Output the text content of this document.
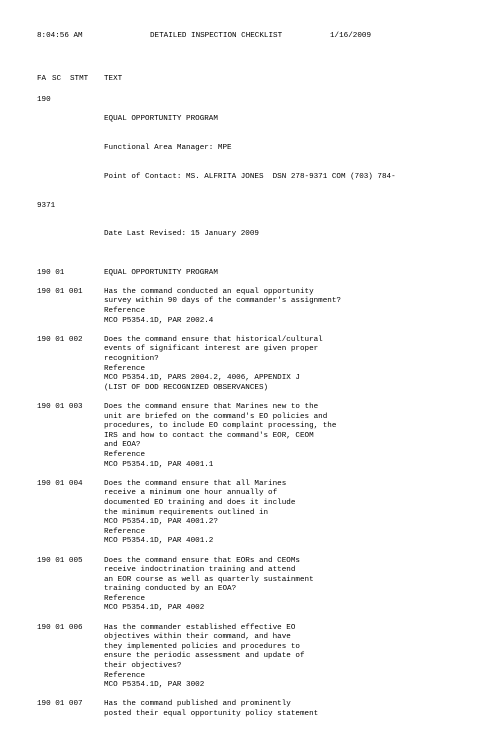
8:04:56 AM	DETAILED INSPECTION CHECKLIST	1/16/2009
FA SC STMT TEXT
190

EQUAL OPPORTUNITY PROGRAM

Functional Area Manager: MPE

Point of Contact: MS. ALFRITA JONES  DSN 278-9371 COM (703) 784-

9371

Date Last Revised: 15 January 2009

190 01	EQUAL OPPORTUNITY PROGRAM
190 01 001	Has the command conducted an equal opportunity
survey within 90 days of the commander's assignment?
Reference
MCO P5354.1D, PAR 2002.4
190 01 002	Does the command ensure that historical/cultural
events of significant interest are given proper
recognition?
Reference
MCO P5354.1D, PARS 2004.2, 4006, APPENDIX J
(LIST OF DOD RECOGNIZED OBSERVANCES)
190 01 003	Does the command ensure that Marines new to the
unit are briefed on the command's EO policies and
procedures, to include EO complaint processing, the
IRS and how to contact the command's EOR, CEOM
and EOA?
Reference
MCO P5354.1D, PAR 4001.1
190 01 004	Does the command ensure that all Marines
receive a minimum one hour annually of
documented EO training and does it include
the minimum requirements outlined in
MCO P5354.1D, PAR 4001.2?
Reference
MCO P5354.1D, PAR 4001.2
190 01 005	Does the command ensure that EORs and CEOMs
receive indoctrination training and attend
an EOR course as well as quarterly sustainment
training conducted by an EOA?
Reference
MCO P5354.1D, PAR 4002
190 01 006	Has the commander established effective EO
objectives within their command, and have
they implemented policies and procedures to
ensure the periodic assessment and update of
their objectives?
Reference
MCO P5354.1D, PAR 3002
190 01 007	Has the command published and prominently
posted their equal opportunity policy statement
